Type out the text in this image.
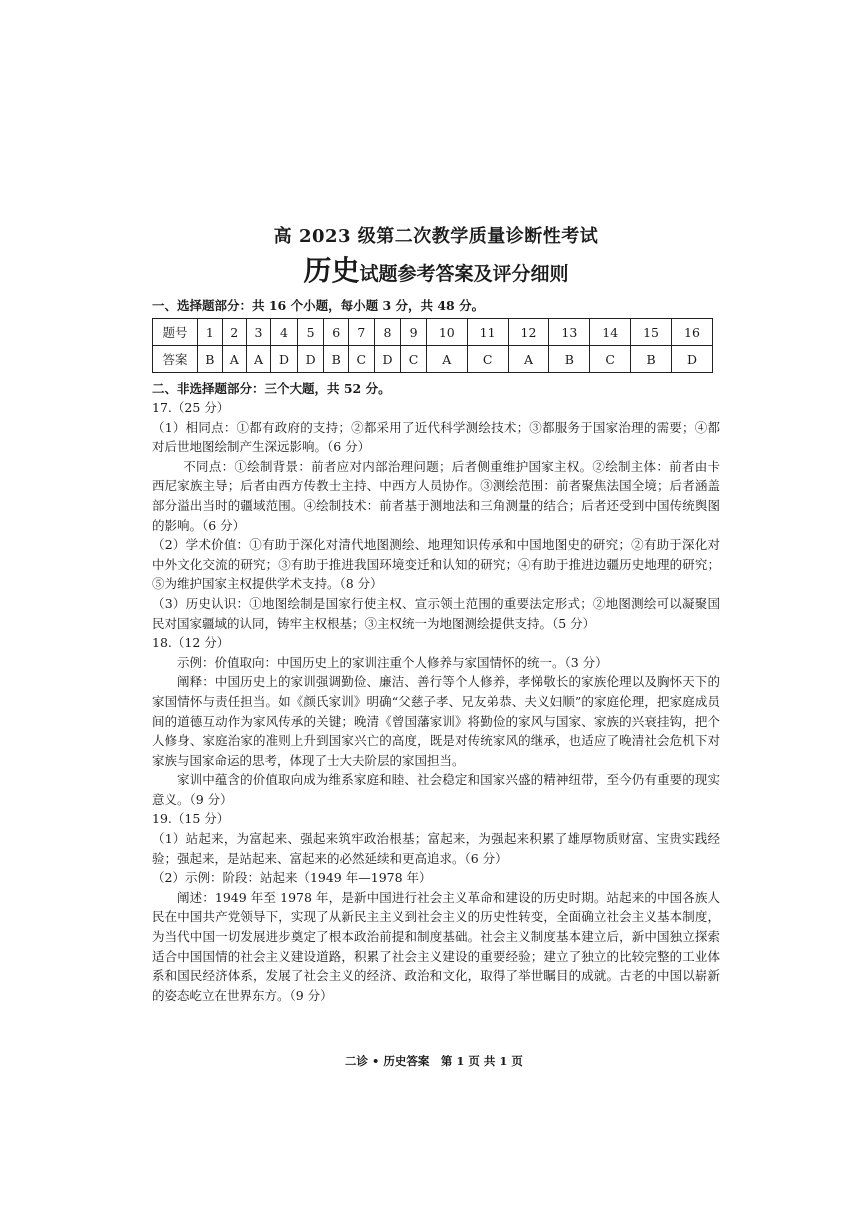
高 2023 级第二次教学质量诊断性考试
历史试题参考答案及评分细则
一、选择题部分：共 16 个小题，每小题 3 分，共 48 分。
题号	1	2	3	4	5	6	7	8	9	10	11	12	13	14	15	16
答案	B	A	A	D	D	B	C	D	C	A	C	A	B	C	B	D
二、非选择题部分：三个大题，共 52 分。
17.（25 分）

（1）相同点：①都有政府的支持；②都采用了近代科学测绘技术；③都服务于国家治理的需要；④都对后世地图绘制产生深远影响。（6 分）

不同点：①绘制背景：前者应对内部治理问题；后者侧重维护国家主权。②绘制主体：前者由卡西尼家族主导；后者由西方传教士主持、中西方人员协作。③测绘范围：前者聚焦法国全境；后者涵盖部分溢出当时的疆域范围。④绘制技术：前者基于测地法和三角测量的结合；后者还受到中国传统舆图的影响。（6 分）

（2）学术价值：①有助于深化对清代地图测绘、地理知识传承和中国地图史的研究；②有助于深化对中外文化交流的研究；③有助于推进我国环境变迁和认知的研究；④有助于推进边疆历史地理的研究；⑤为维护国家主权提供学术支持。（8 分）

（3）历史认识：①地图绘制是国家行使主权、宣示领土范围的重要法定形式；②地图测绘可以凝聚国民对国家疆域的认同，铸牢主权根基；③主权统一为地图测绘提供支持。（5 分）

18.（12 分）

示例：价值取向：中国历史上的家训注重个人修养与家国情怀的统一。（3 分）

阐释：中国历史上的家训强调勤俭、廉洁、善行等个人修养，孝悌敬长的家族伦理以及胸怀天下的家国情怀与责任担当。如《颜氏家训》明确“父慈子孝、兄友弟恭、夫义妇顺”的家庭伦理，把家庭成员间的道德互动作为家风传承的关键；晚清《曾国藩家训》将勤俭的家风与国家、家族的兴衰挂钩，把个人修身、家庭治家的准则上升到国家兴亡的高度，既是对传统家风的继承，也适应了晚清社会危机下对家族与国家命运的思考，体现了士大夫阶层的家国担当。

家训中蕴含的价值取向成为维系家庭和睦、社会稳定和国家兴盛的精神纽带，至今仍有重要的现实意义。（9 分）

19.（15 分）

（1）站起来，为富起来、强起来筑牢政治根基；富起来，为强起来积累了雄厚物质财富、宝贵实践经验；强起来，是站起来、富起来的必然延续和更高追求。（6 分）

（2）示例：阶段：站起来（1949 年—1978 年）

阐述：1949 年至 1978 年，是新中国进行社会主义革命和建设的历史时期。站起来的中国各族人民在中国共产党领导下，实现了从新民主主义到社会主义的历史性转变，全面确立社会主义基本制度，为当代中国一切发展进步奠定了根本政治前提和制度基础。社会主义制度基本建立后，新中国独立探索适合中国国情的社会主义建设道路，积累了社会主义建设的重要经验；建立了独立的比较完整的工业体系和国民经济体系，发展了社会主义的经济、政治和文化，取得了举世瞩目的成就。古老的中国以崭新的姿态屹立在世界东方。（9 分）

二诊 • 历史答案　第 1 页 共 1 页
